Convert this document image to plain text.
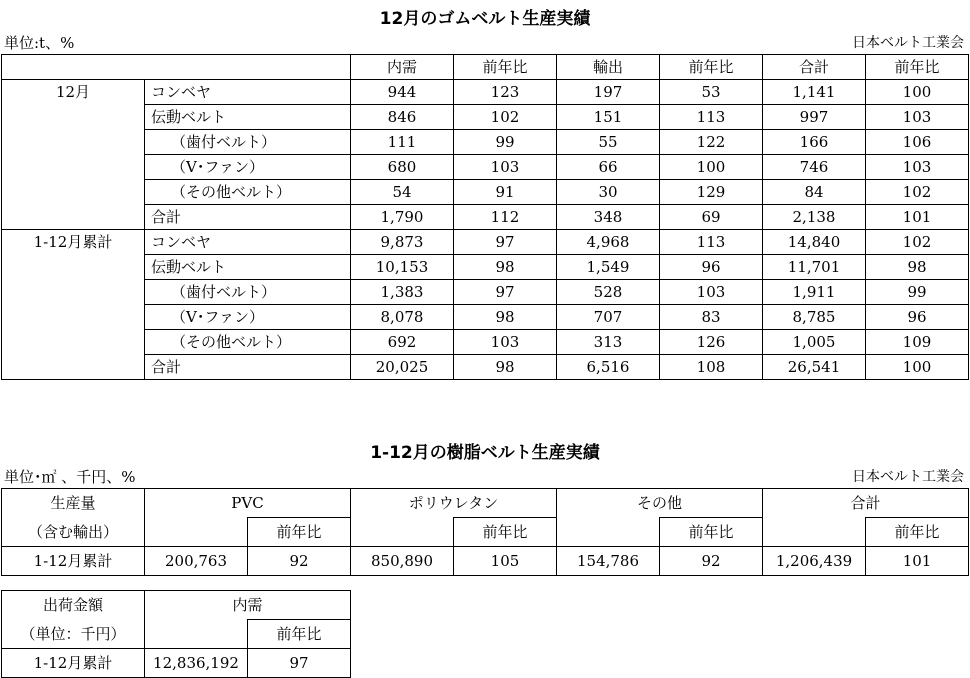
12月のゴムベルト生産実績
単位:t、%	日本ベルト工業会
		内需	前年比	輸出	前年比	合計	前年比
12月	コンベヤ	944	123	197	53	1,141	100
	伝動ベルト	846	102	151	113	997	103
	（歯付ベルト）	111	99	55	122	166	106
	（V･ファン）	680	103	66	100	746	103
	（その他ベルト）	54	91	30	129	84	102
	合計	1,790	112	348	69	2,138	101
1-12月累計	コンベヤ	9,873	97	4,968	113	14,840	102
	伝動ベルト	10,153	98	1,549	96	11,701	98
	（歯付ベルト）	1,383	97	528	103	1,911	99
	（V･ファン）	8,078	98	707	83	8,785	96
	（その他ベルト）	692	103	313	126	1,005	109
	合計	20,025	98	6,516	108	26,541	100
1-12月の樹脂ベルト生産実績
単位･㎡ 、千円、%	日本ベルト工業会
生産量	PVC		ポリウレタン		その他		合計	
（含む輸出）		前年比		前年比		前年比		前年比
1-12月累計	200,763	92	850,890	105	154,786	92	1,206,439	101
出荷金額	内需	
（単位：千円）		前年比
1-12月累計	12,836,192	97
